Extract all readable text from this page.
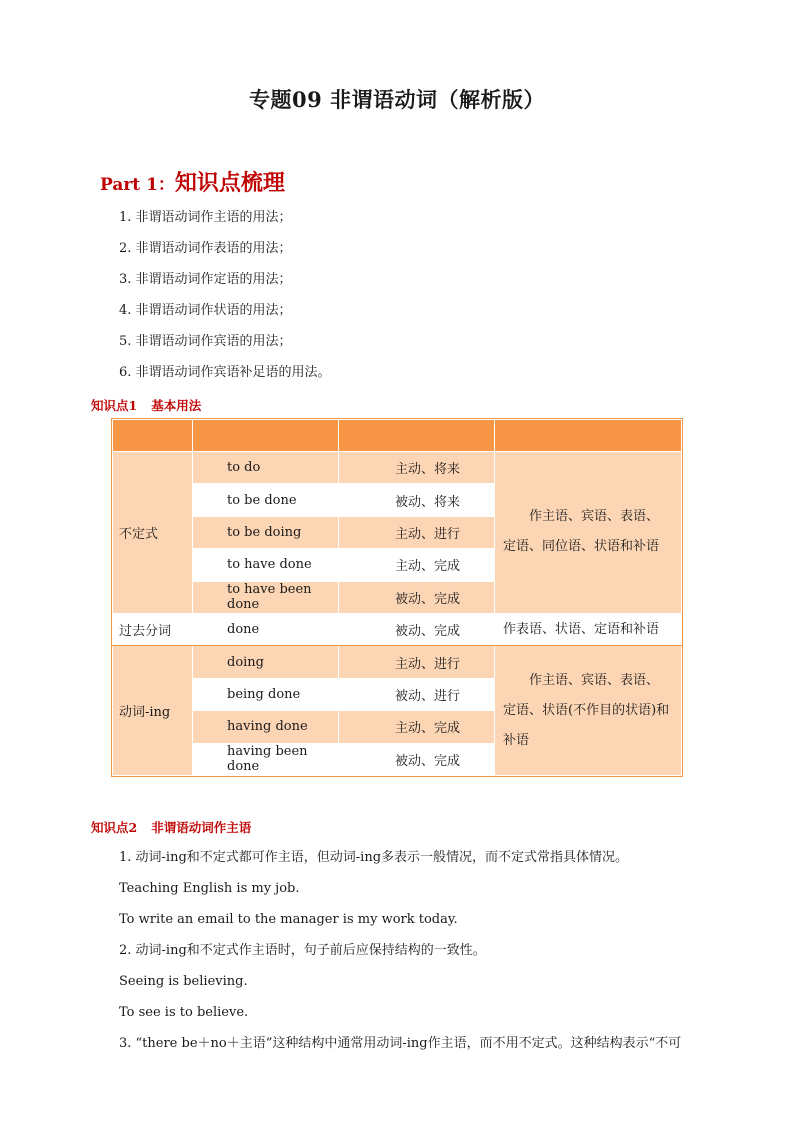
专题09 非谓语动词（解析版）
Part 1：知识点梳理
1. 非谓语动词作主语的用法；
2. 非谓语动词作表语的用法；
3. 非谓语动词作定语的用法；
4. 非谓语动词作状语的用法；
5. 非谓语动词作宾语的用法；
6. 非谓语动词作宾语补足语的用法。
知识点1 基本用法

不定式	to do	主动、将来	作主语、宾语、表语、
定语、同位语、状语和补语

	to be done	被动、将来	
	to be doing	主动、进行	
	to have done	主动、完成	
	to have been done	被动、完成	
过去分词	done	被动、完成	作表语、状语、定语和补语
动词-ing	doing	主动、进行	作主语、宾语、表语、
定语、状语(不作目的状语)和
补语

	being done	被动、进行	
	having done	主动、完成	
	having been done	被动、完成	
知识点2 非谓语动词作主语
1. 动词-ing和不定式都可作主语，但动词-ing多表示一般情况，而不定式常指具体情况。
Teaching English is my job.
To write an email to the manager is my work today.
2. 动词-ing和不定式作主语时，句子前后应保持结构的一致性。
Seeing is believing.
To see is to believe.
3. “there be＋no＋主语”这种结构中通常用动词-ing作主语，而不用不定式。这种结构表示“不可
